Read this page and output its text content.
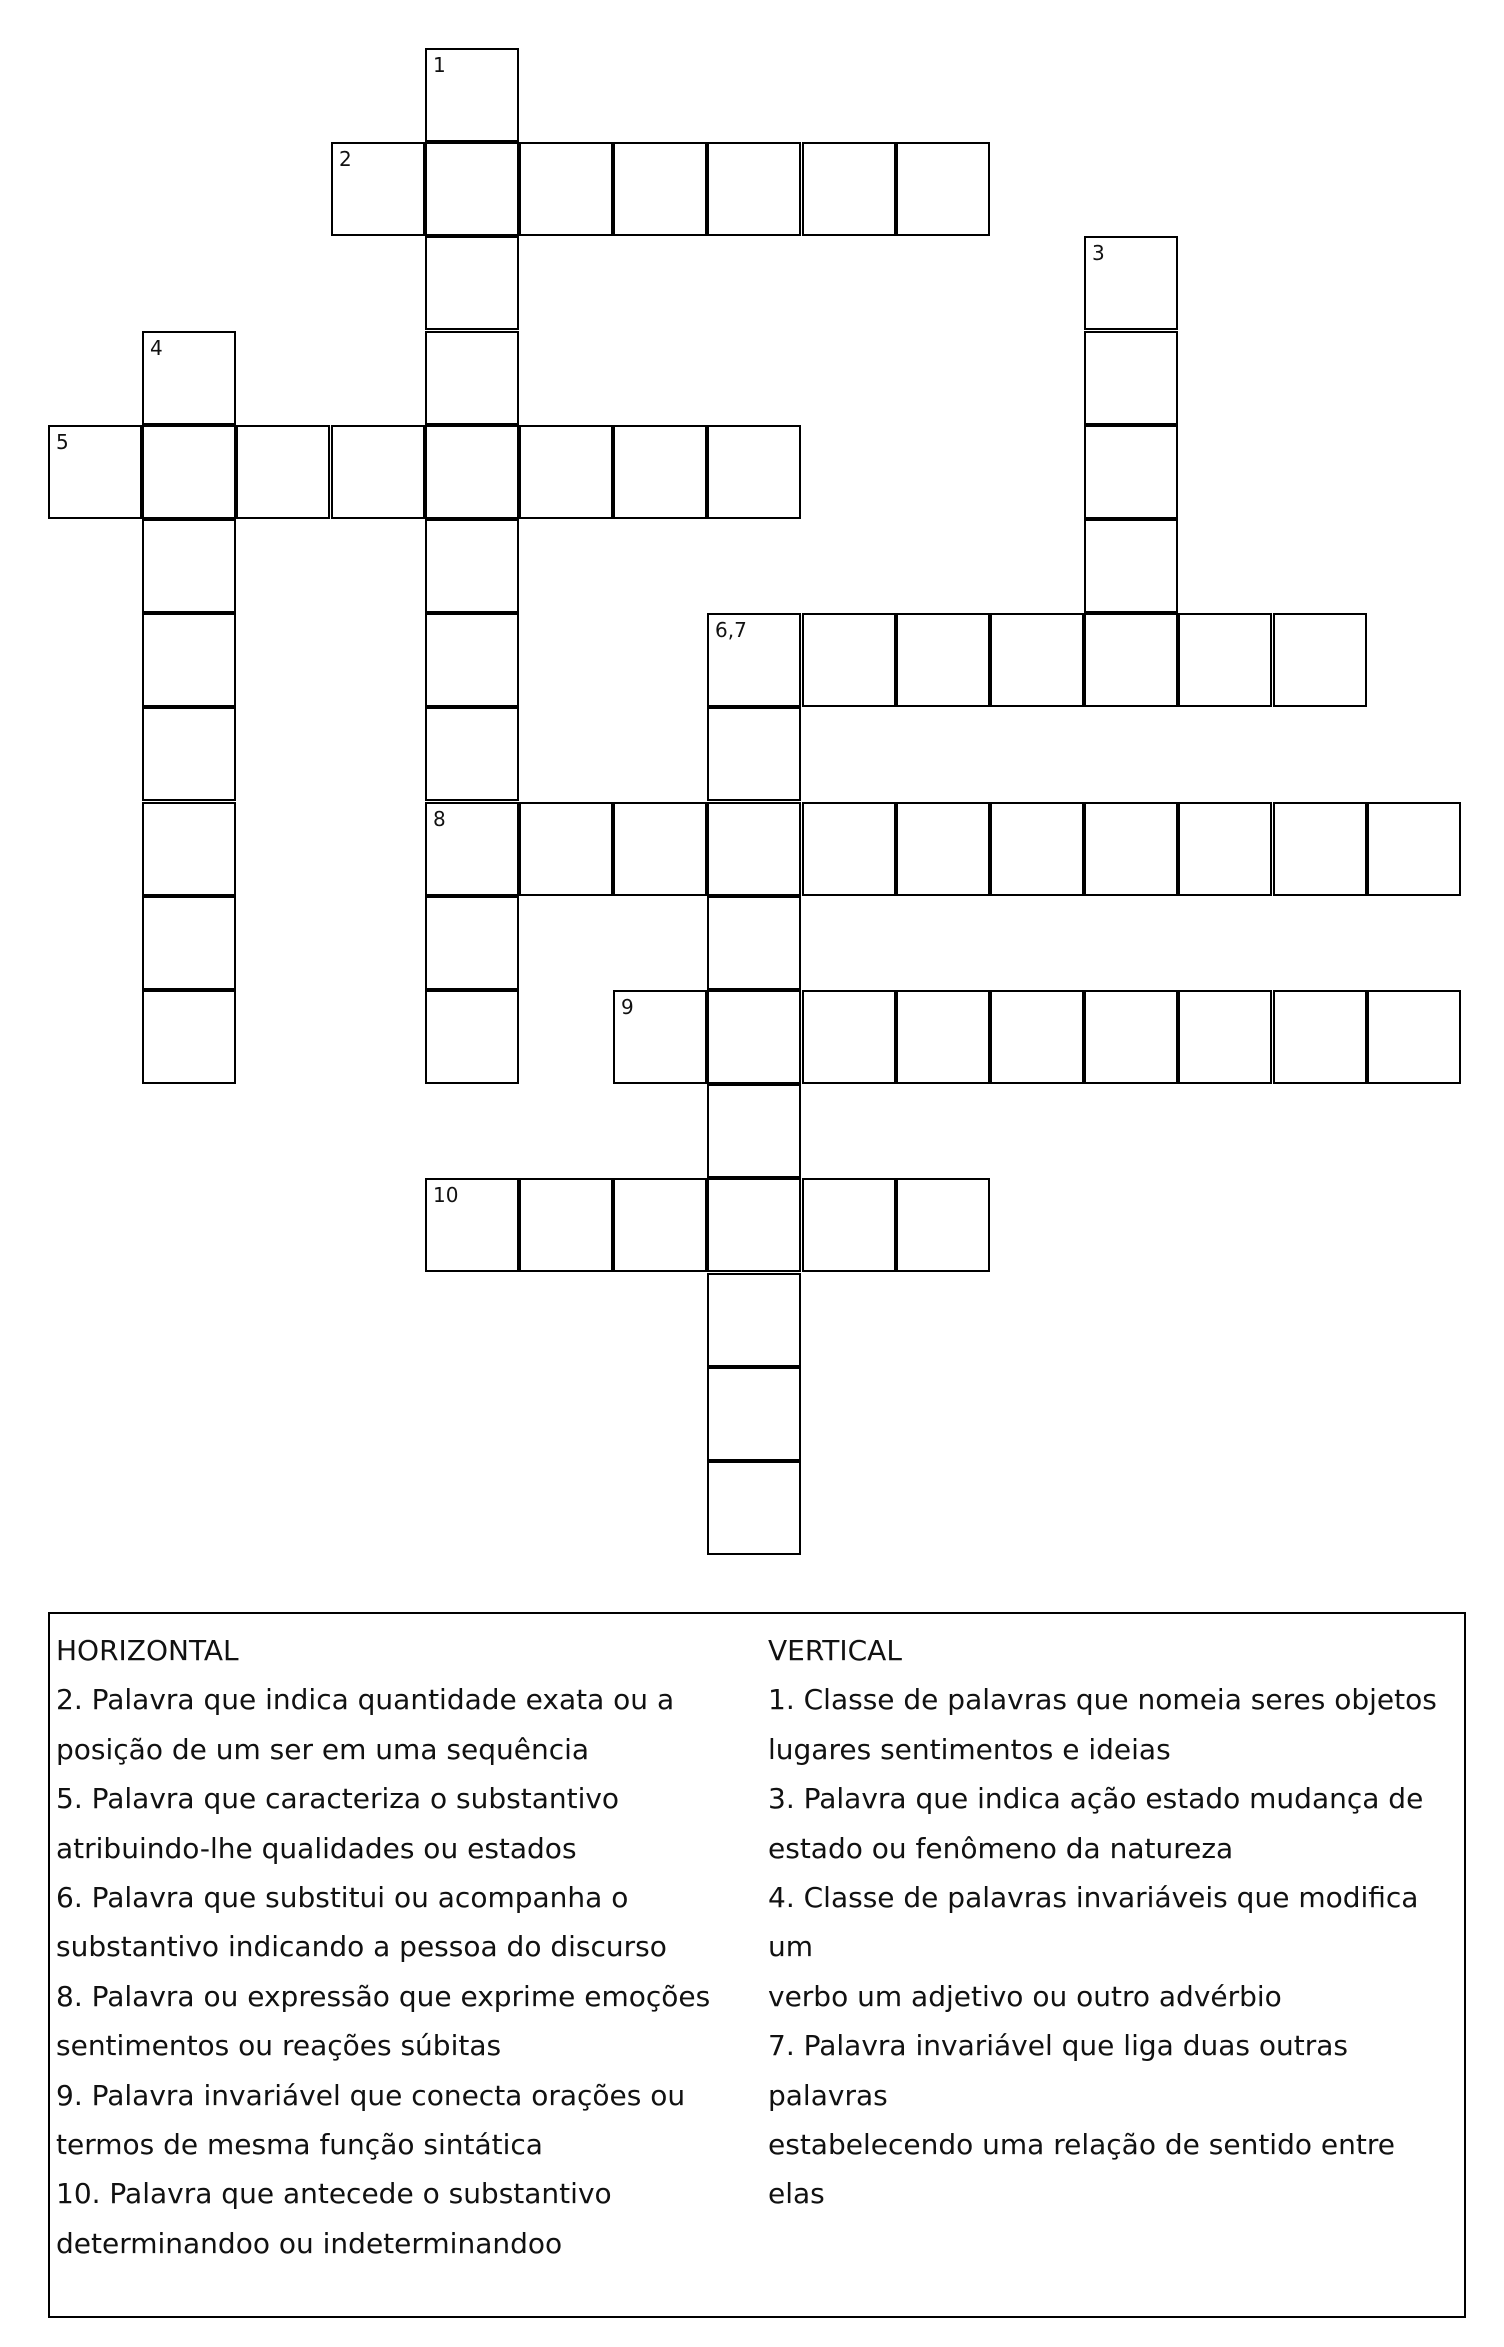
1
8
2
3
4
5
6,7
9
10
HORIZONTAL
2. Palavra que indica quantidade exata ou a
posição de um ser em uma sequência
5. Palavra que caracteriza o substantivo
atribuindo-lhe qualidades ou estados
6. Palavra que substitui ou acompanha o
substantivo indicando a pessoa do discurso
8. Palavra ou expressão que exprime emoções
sentimentos ou reações súbitas
9. Palavra invariável que conecta orações ou
termos de mesma função sintática
10. Palavra que antecede o substantivo
determinandoo ou indeterminandoo
VERTICAL
1. Classe de palavras que nomeia seres objetos
lugares sentimentos e ideias
3. Palavra que indica ação estado mudança de
estado ou fenômeno da natureza
4. Classe de palavras invariáveis que modifica um
verbo um adjetivo ou outro advérbio
7. Palavra invariável que liga duas outras palavras
estabelecendo uma relação de sentido entre elas
